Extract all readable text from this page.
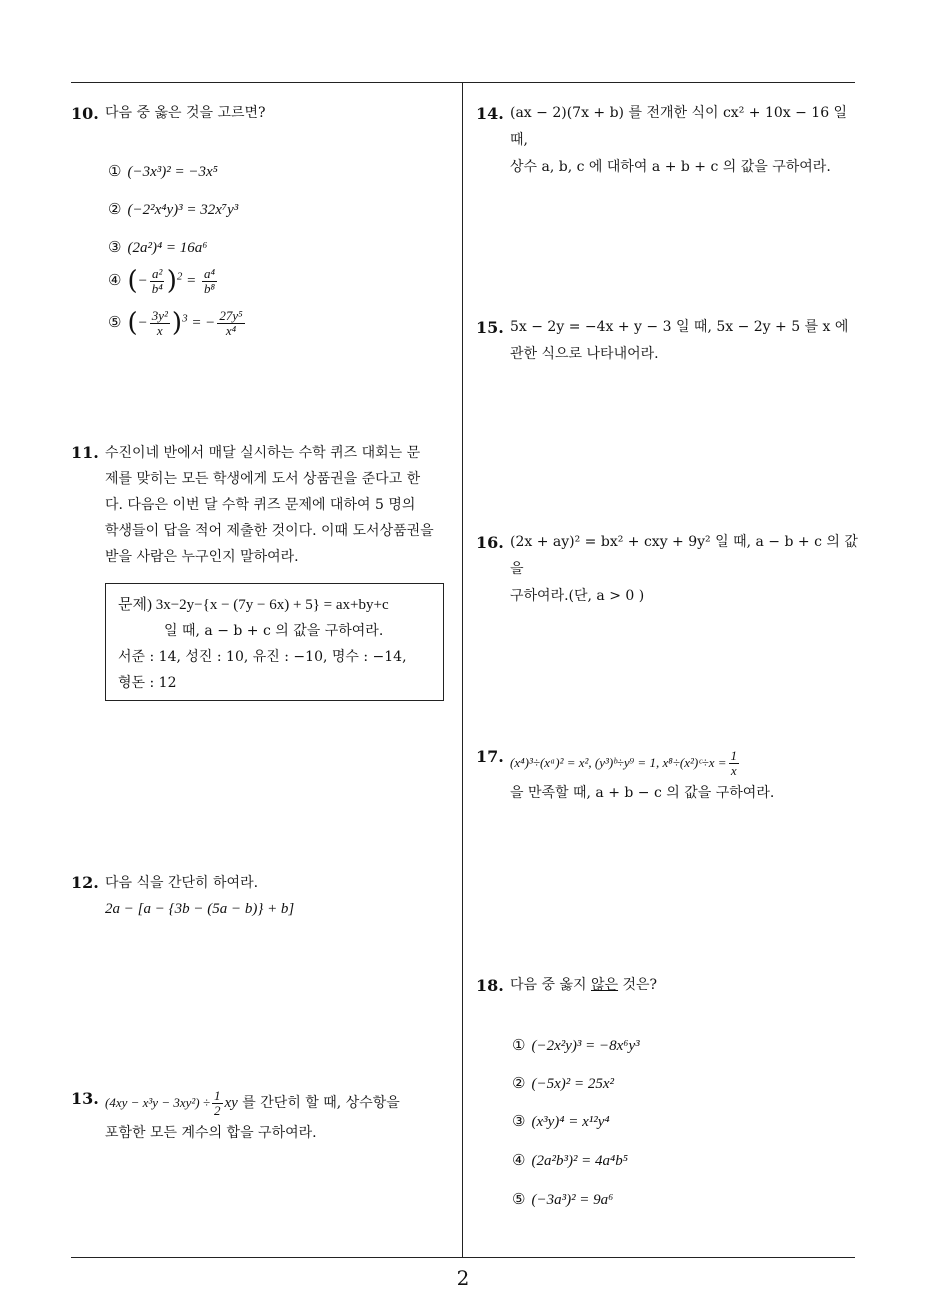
10. 다음 중 옳은 것을 고르면?
① (−3x³)² = −3x⁵
② (−2²x⁴y)³ = 32x⁷y³
③ (2a²)⁴ = 16a⁶
④ (− $\frac{\text{a²}}{\text{b⁴}} )^2 = \frac{\text{a⁴}}{\text{b⁸}}$
⑤ (− $\frac{\text{3y²}}{x} )^3$ = − $\frac{\text{27y⁵}}{\text{x⁴}}$
11. 수진이네 반에서 매달 실시하는 수학 퀴즈 대회는 문
제를 맞히는 모든 학생에게 도서 상품권을 준다고 한
다. 다음은 이번 달 수학 퀴즈 문제에 대하여 5 명의
학생들이 답을 적어 제출한 것이다. 이때 도서상품권을
받을 사람은 누구인지 말하여라.
문제) 3x−2y−{x − (7y − 6x) + 5} = ax+by+c
일 때, a − b + c 의 값을 구하여라.
서준 : 14, 성진 : 10, 유진 : −10, 명수 : −14,
형돈 : 12
12. 다음 식을 간단히 하여라.
2a − [a − {3b − (5a − b)} + b]
13. $(4xy - x^3y - 3xy^2) \div \frac{1}{2}$ xy 를 간단히 할 때, 상수항을
포함한 모든 계수의 합을 구하여라.
14. (ax − 2)(7x + b) 를 전개한 식이 cx² + 10x − 16 일 때,
상수 a, b, c 에 대하여 a + b + c 의 값을 구하여라.
15. 5x − 2y = −4x + y − 3 일 때, 5x − 2y + 5 를 x 에
관한 식으로 나타내어라.
16. (2x + ay)² = bx² + cxy + 9y² 일 때, a − b + c 의 값을
구하여라.(단, a > 0 )
17. (x⁴)³÷(xᵃ)² = x², (y³)ᵇ÷y⁹ = 1, x⁸÷(x²)ᶜ÷x = $\frac{1}{x}$
을 만족할 때, a + b − c 의 값을 구하여라.
18. 다음 중 옳지 않은 것은?
① (−2x²y)³ = −8x⁶y³
② (−5x)² = 25x²
③ (x³y)⁴ = x¹²y⁴
④ (2a²b³)² = 4a⁴b⁵
⑤ (−3a³)² = 9a⁶
2
